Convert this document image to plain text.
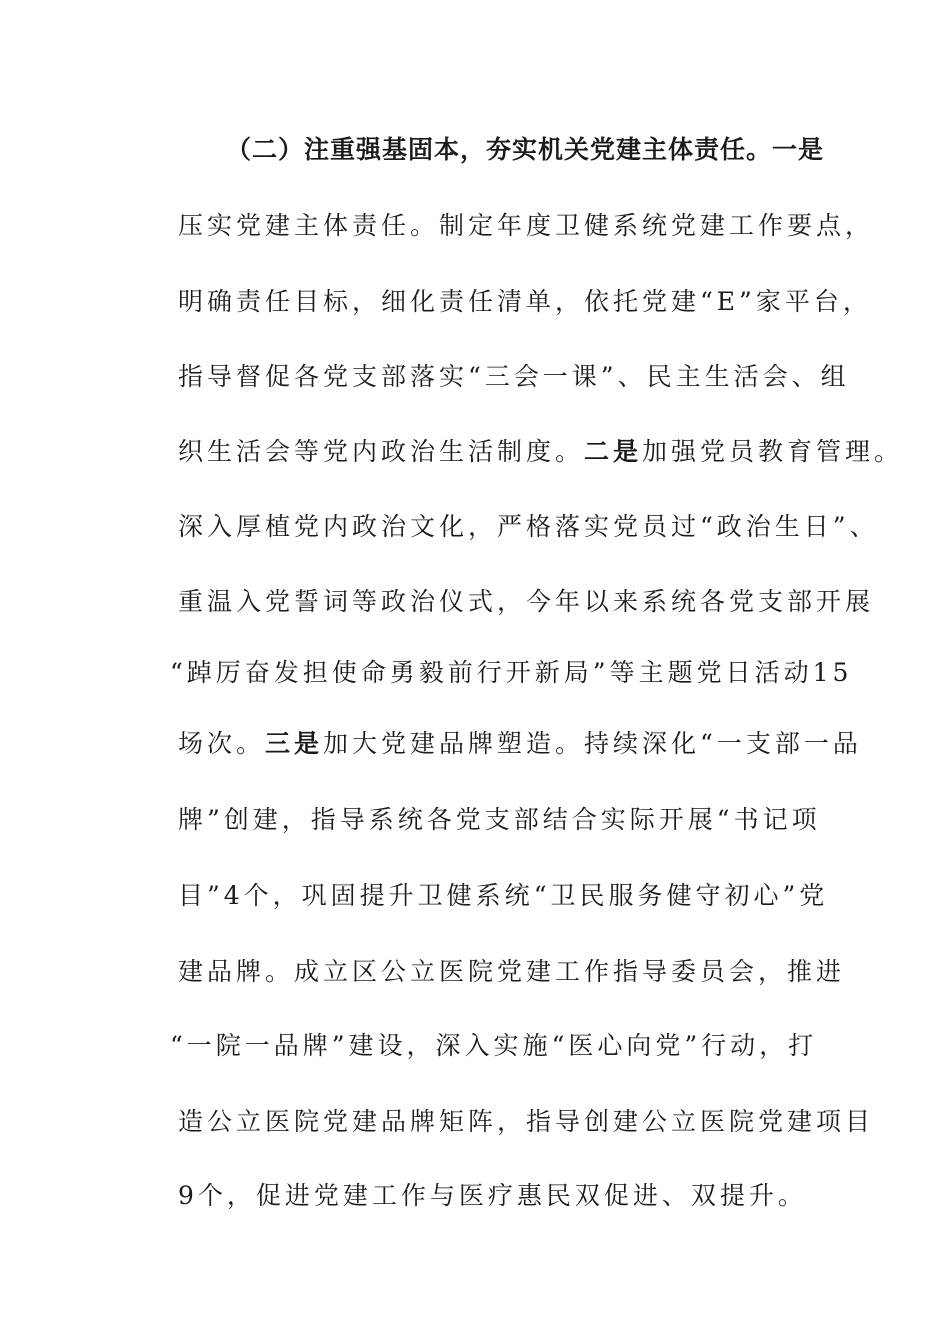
（二）注重强基固本，夯实机关党建主体责任。一是
压实党建主体责任。制定年度卫健系统党建工作要点，
明确责任目标，细化责任清单，依托党建“E”家平台，
指导督促各党支部落实“三会一课”、民主生活会、组
织生活会等党内政治生活制度。二是加强党员教育管理。
深入厚植党内政治文化，严格落实党员过“政治生日”、
重温入党誓词等政治仪式，今年以来系统各党支部开展
“踔厉奋发担使命勇毅前行开新局”等主题党日活动15
场次。三是加大党建品牌塑造。持续深化“一支部一品
牌”创建，指导系统各党支部结合实际开展“书记项
目”4个，巩固提升卫健系统“卫民服务健守初心”党
建品牌。成立区公立医院党建工作指导委员会，推进
“一院一品牌”建设，深入实施“医心向党”行动，打
造公立医院党建品牌矩阵，指导创建公立医院党建项目
9个，促进党建工作与医疗惠民双促进、双提升。
